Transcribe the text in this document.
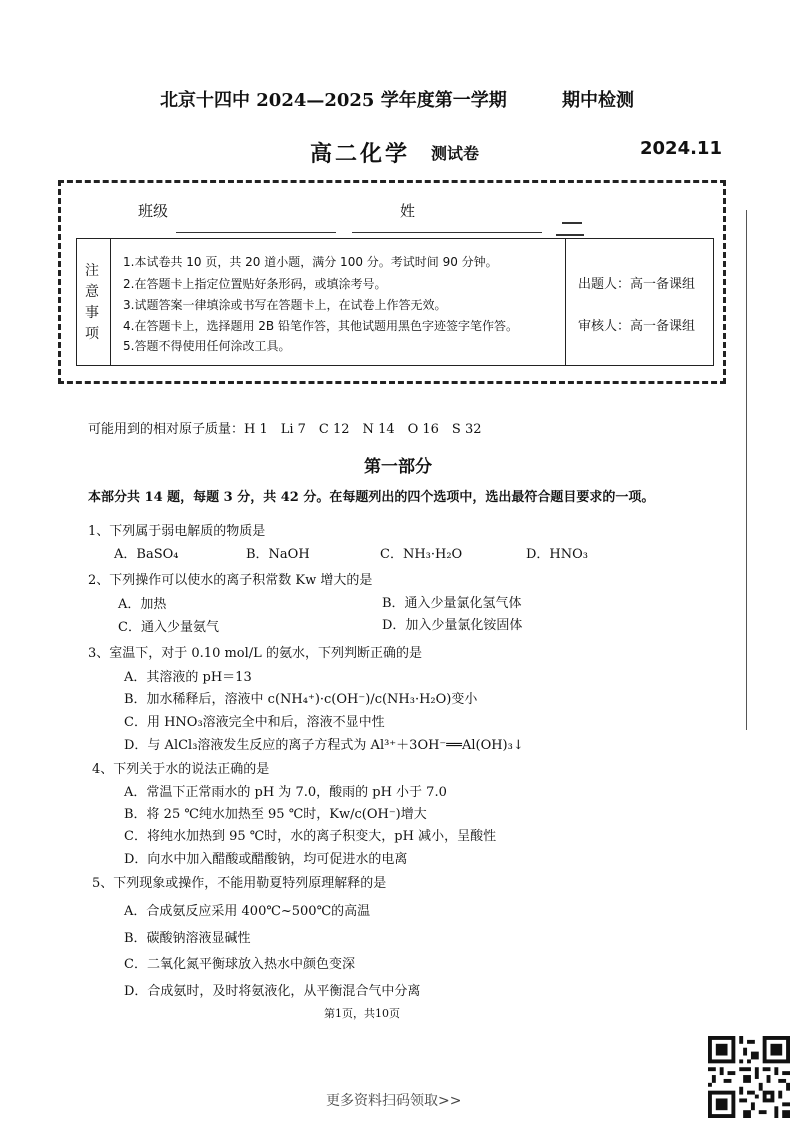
北京十四中 2024—2025 学年度第一学期	期中检测
高二化学 测试卷	2024.11
班级	姓
注意事项
1.本试卷共 10 页，共 20 道小题，满分 100 分。考试时间 90 分钟。
2.在答题卡上指定位置贴好条形码，或填涂考号。
3.试题答案一律填涂或书写在答题卡上，在试卷上作答无效。
4.在答题卡上，选择题用 2B 铅笔作答，其他试题用黑色字迹签字笔作答。
5.答题不得使用任何涂改工具。
出题人：高一备课组
审核人：高一备课组
可能用到的相对原子质量：H 1　Li 7　C 12　N 14　O 16　S 32
第一部分
本部分共 14 题，每题 3 分，共 42 分。在每题列出的四个选项中，选出最符合题目要求的一项。
1、下列属于弱电解质的物质是
A．BaSO₄	B．NaOH	C．NH₃·H₂O	D．HNO₃
2、下列操作可以使水的离子积常数 Kw 增大的是
A．加热	B．通入少量氯化氢气体
C．通入少量氨气	D．加入少量氯化铵固体
3、室温下，对于 0.10 mol/L 的氨水，下列判断正确的是
A．其溶液的 pH＝13
B．加水稀释后，溶液中 c(NH₄⁺)·c(OH⁻)/c(NH₃·H₂O)变小
C．用 HNO₃溶液完全中和后，溶液不显中性
D．与 AlCl₃溶液发生反应的离子方程式为 Al³⁺＋3OH⁻══Al(OH)₃↓
4、下列关于水的说法正确的是
A．常温下正常雨水的 pH 为 7.0，酸雨的 pH 小于 7.0
B．将 25 ℃纯水加热至 95 ℃时，Kw/c(OH⁻)增大
C．将纯水加热到 95 ℃时，水的离子积变大，pH 减小，呈酸性
D．向水中加入醋酸或醋酸钠，均可促进水的电离
5、下列现象或操作，不能用勒夏特列原理解释的是
A．合成氨反应采用 400℃~500℃的高温
B．碳酸钠溶液显碱性
C．二氧化氮平衡球放入热水中颜色变深
D．合成氨时，及时将氨液化，从平衡混合气中分离
第1页，共10页
更多资料扫码领取>>
